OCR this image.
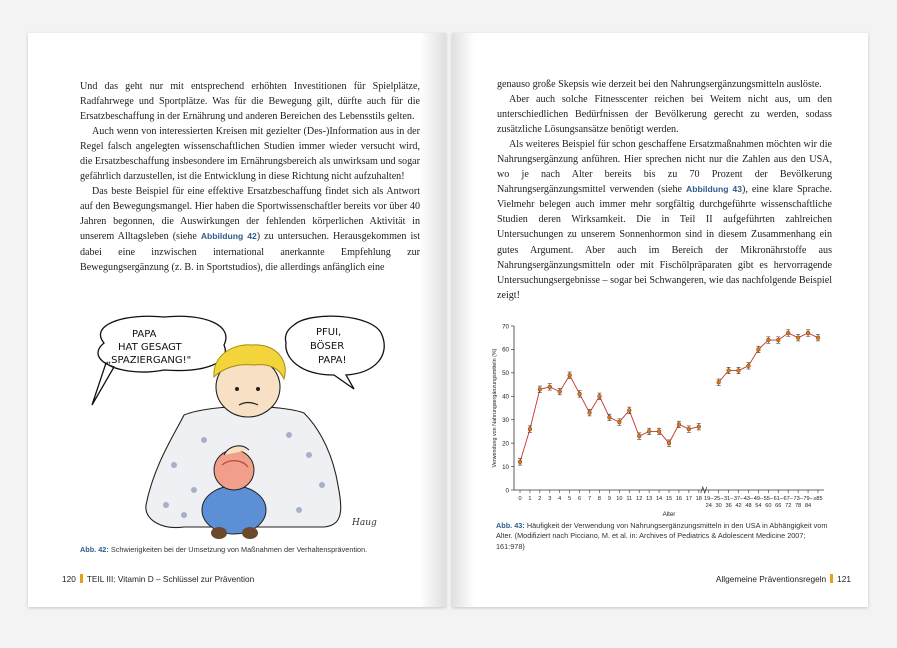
Und das geht nur mit entsprechend erhöhten Investitionen für Spielplätze, Radfahrwege und Sportplätze. Was für die Bewegung gilt, dürfte auch für die Ersatzbeschaffung in der Ernährung und anderen Bereichen des Lebensstils gelten.

Auch wenn von interessierten Kreisen mit gezielter (Des-)Information aus in der Regel falsch angelegten wissenschaftlichen Studien immer wieder versucht wird, die Ersatzbeschaffung insbesondere im Ernährungsbereich als unwirksam und sogar gefährlich darzustellen, ist die Entwicklung in diese Richtung nicht aufzuhalten!

Das beste Beispiel für eine effektive Ersatzbeschaffung findet sich als Antwort auf den Bewegungsmangel. Hier haben die Sportwissenschaftler bereits vor über 40 Jahren begonnen, die Auswirkungen der fehlenden körperlichen Aktivität in unserem Alltagsleben (siehe Abbildung 42) zu untersuchen. Herausgekommen ist dabei eine inzwischen international anerkannte Empfehlung zur Bewegungsergänzung (z. B. in Sportstudios), die allerdings anfänglich eine

PAPA
HAT GESAGT
„SPAZIERGANG!"
PFUI,
BÖSER
PAPA!
Haug
Abb. 42: Schwierigkeiten bei der Umsetzung von Maßnahmen der Verhaltensprävention.
120 TEIL III: Vitamin D – Schlüssel zur Prävention

genauso große Skepsis wie derzeit bei den Nahrungsergänzungsmitteln auslöste.

Aber auch solche Fitnesscenter reichen bei Weitem nicht aus, um den unterschiedlichen Bedürfnissen der Bevölkerung gerecht zu werden, sodass zusätzliche Lösungsansätze benötigt werden.

Als weiteres Beispiel für schon geschaffene Ersatzmaßnahmen möchten wir die Nahrungsergänzung anführen. Hier sprechen nicht nur die Zahlen aus den USA, wo je nach Alter bereits bis zu 70 Prozent der Bevölkerung Nahrungsergänzungsmittel verwenden (siehe Abbildung 43), eine klare Sprache. Vielmehr belegen auch immer mehr sorgfältig durchgeführte wissenschaftliche Studien deren Wirksamkeit. Die in Teil II aufgeführten zahlreichen Untersuchungen zu unserem Sonnenhormon sind in diesem Zusammenhang ein gutes Argument. Aber auch im Bereich der Mikronährstoffe aus Nahrungsergänzungsmitteln oder mit Fischölpräparaten gibt es hervorragende Untersuchungsergebnisse – sogar bei Schwangeren, wie das nachfolgende Beispiel zeigt!

0
10
20
30
40
50
60
70
Verwendung von Nahrungsergänzungsmitteln (%)
0 1 2 3 4 5 6 7 8 9 10 11 12 13 14 15 16 17 18 19–
24
25–
30
31–
36
37–
42
43–
48
49–
54
55–
60
61–
66
67–
72
73–
78
79–
84
≥85
Alter
Abb. 43: Häufigkeit der Verwendung von Nahrungsergänzungsmitteln in den USA in Abhängigkeit vom Alter. (Modifiziert nach Picciano, M. et al. in: Archives of Pediatrics & Adolescent Medicine 2007; 161:978)
Allgemeine Präventionsregeln 121
